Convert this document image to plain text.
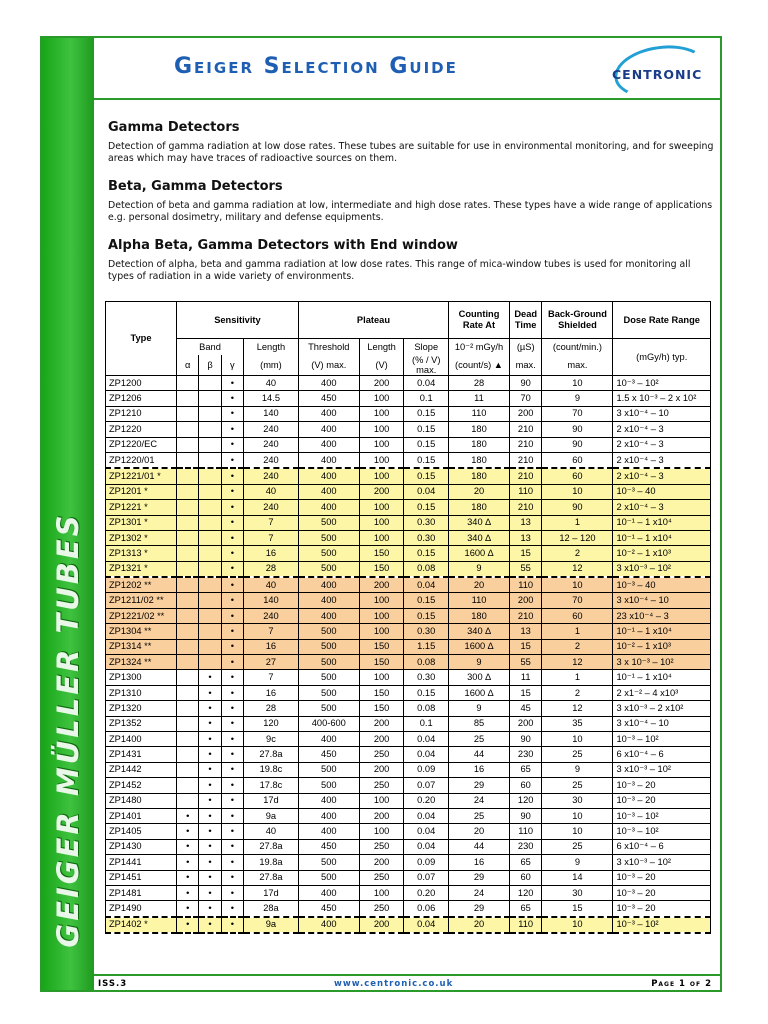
GEIGER MÜLLER TUBES
Geiger Selection Guide	CENTRONIC
Gamma Detectors
Detection of gamma radiation at low dose rates. These tubes are suitable for use in environmental monitoring, and for sweeping areas which may have traces of radioactive sources on them.
Beta, Gamma Detectors
Detection of beta and gamma radiation at low, intermediate and high dose rates. These types have a wide range of applications e.g. personal dosimetry, military and defense equipments.
Alpha Beta, Gamma Detectors with End window
Detection of alpha, beta and gamma radiation at low dose rates. This range of mica-window tubes is used for monitoring all types of radiation in a wide variety of environments.
Type	Sensitivity				Plateau			Counting Rate At	Dead Time	Back-Ground Shielded	Dose Rate Range
	Band			Length	Threshold	Length	Slope	10⁻² mGy/h	(µS)	(count/min.)	(mGy/h) typ.
	α	β	γ	(mm)	(V) max.	(V)	(% / V) max.	(count/s) ▲	max.	max.	
ZP1200			•	40	400	200	0.04	28	90	10	10⁻³ – 10²
ZP1206			•	14.5	450	100	0.1	11	70	9	1.5 x 10⁻³ – 2 x 10²
ZP1210			•	140	400	100	0.15	110	200	70	3 x10⁻⁴ – 10
ZP1220			•	240	400	100	0.15	180	210	90	2 x10⁻⁴ – 3
ZP1220/EC			•	240	400	100	0.15	180	210	90	2 x10⁻⁴ – 3
ZP1220/01			•	240	400	100	0.15	180	210	60	2 x10⁻⁴ – 3
ZP1221/01 *			•	240	400	100	0.15	180	210	60	2 x10⁻⁴ – 3
ZP1201 *			•	40	400	200	0.04	20	110	10	10⁻³ – 40
ZP1221 *			•	240	400	100	0.15	180	210	90	2 x10⁻⁴ – 3
ZP1301 *			•	7	500	100	0.30	340 ∆	13	1	10⁻¹ – 1 x10⁴
ZP1302 *			•	7	500	100	0.30	340 ∆	13	12 – 120	10⁻¹ – 1 x10⁴
ZP1313 *			•	16	500	150	0.15	1600 ∆	15	2	10⁻² – 1 x10³
ZP1321 *			•	28	500	150	0.08	9	55	12	3 x10⁻³ – 10²
ZP1202 **			•	40	400	200	0.04	20	110	10	10⁻³ – 40
ZP1211/02 **			•	140	400	100	0.15	110	200	70	3 x10⁻⁴ – 10
ZP1221/02 **			•	240	400	100	0.15	180	210	60	23 x10⁻⁴ – 3
ZP1304 **			•	7	500	100	0.30	340 ∆	13	1	10⁻¹ – 1 x10⁴
ZP1314 **			•	16	500	150	1.15	1600 ∆	15	2	10⁻² – 1 x10³
ZP1324 **			•	27	500	150	0.08	9	55	12	3 x 10⁻³ – 10²
ZP1300		•	•	7	500	100	0.30	300 ∆	11	1	10⁻¹ – 1 x10⁴
ZP1310		•	•	16	500	150	0.15	1600 ∆	15	2	2 x1⁻² – 4 x10³
ZP1320		•	•	28	500	150	0.08	9	45	12	3 x10⁻³ – 2 x10²
ZP1352		•	•	120	400-600	200	0.1	85	200	35	3 x10⁻⁴ – 10
ZP1400		•	•	9c	400	200	0.04	25	90	10	10⁻³ – 10²
ZP1431		•	•	27.8a	450	250	0.04	44	230	25	6 x10⁻⁴ – 6
ZP1442		•	•	19.8c	500	200	0.09	16	65	9	3 x10⁻³ – 10²
ZP1452		•	•	17.8c	500	250	0.07	29	60	25	10⁻³ – 20
ZP1480		•	•	17d	400	100	0.20	24	120	30	10⁻³ – 20
ZP1401	•	•	•	9a	400	200	0.04	25	90	10	10⁻³ – 10²
ZP1405	•	•	•	40	400	100	0.04	20	110	10	10⁻³ – 10²
ZP1430	•	•	•	27.8a	450	250	0.04	44	230	25	6 x10⁻⁴ – 6
ZP1441	•	•	•	19.8a	500	200	0.09	16	65	9	3 x10⁻³ – 10²
ZP1451	•	•	•	27.8a	500	250	0.07	29	60	14	10⁻³ – 20
ZP1481	•	•	•	17d	400	100	0.20	24	120	30	10⁻³ – 20
ZP1490	•	•	•	28a	450	250	0.06	29	65	15	10⁻³ – 20
ZP1402 *	•	•	•	9a	400	200	0.04	20	110	10	10⁻³ – 10²
ISS.3	www.centronic.co.uk	Page 1 of 2
